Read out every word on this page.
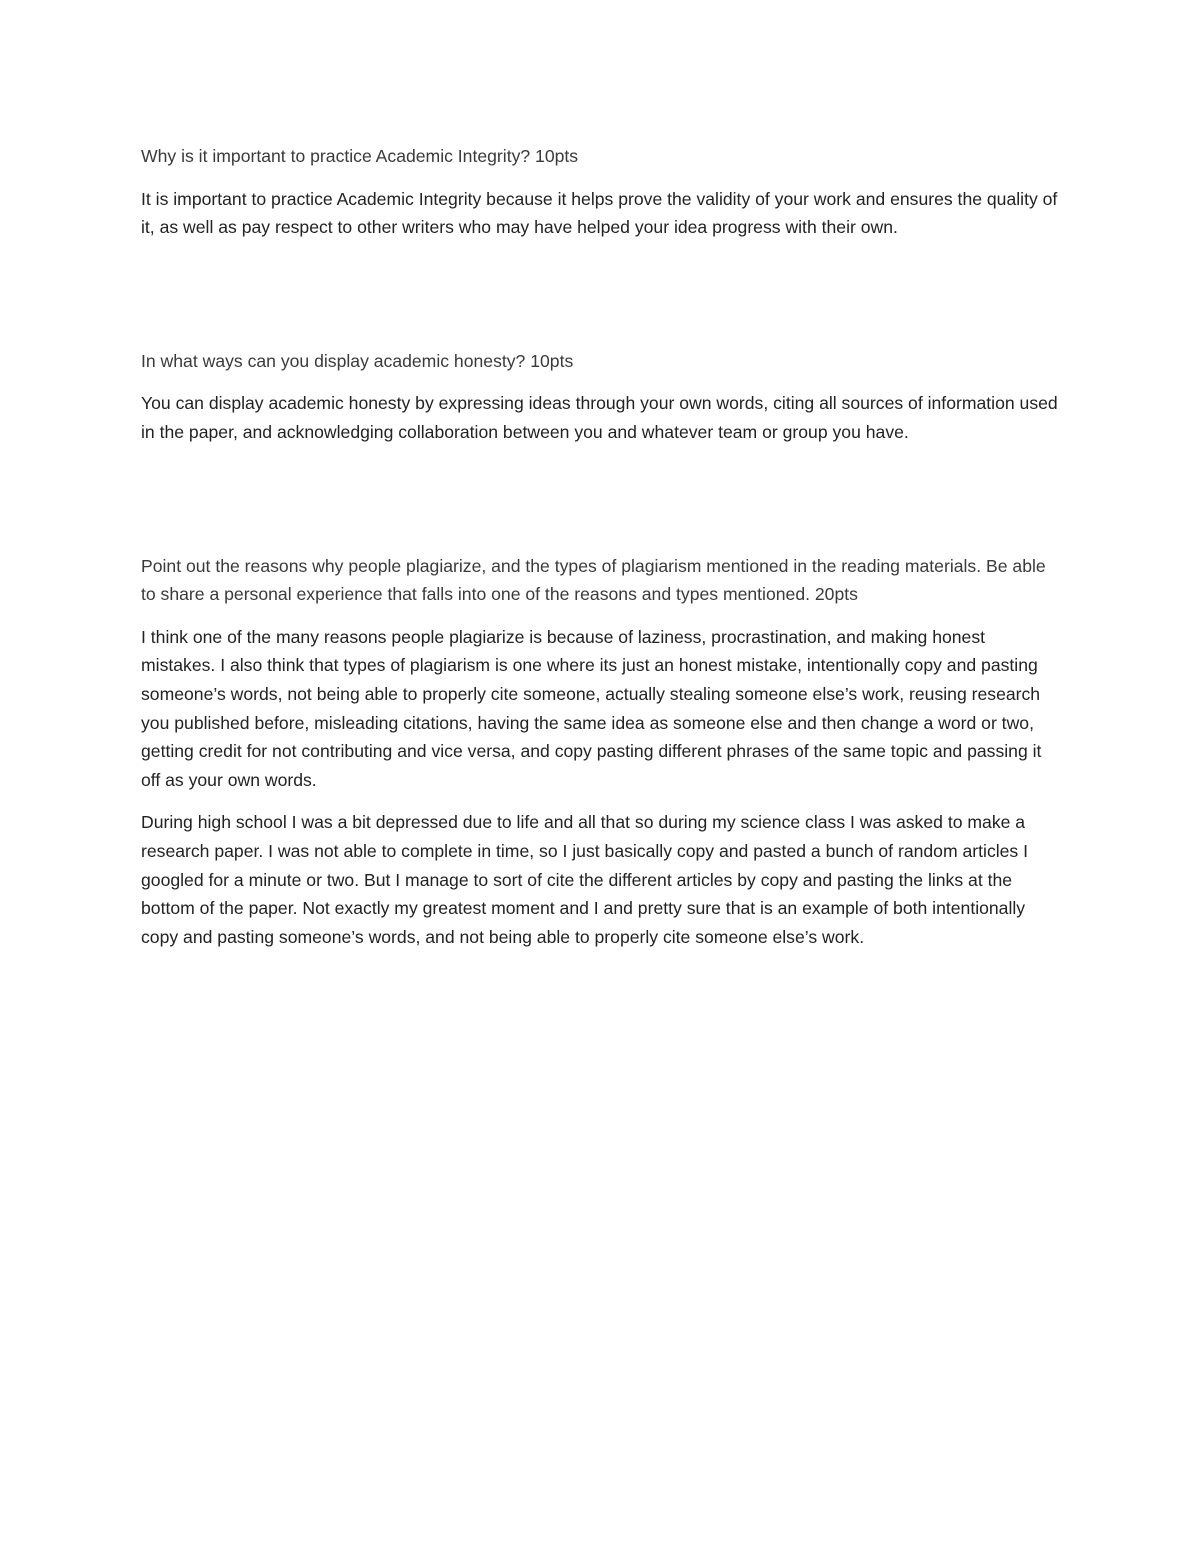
Why is it important to practice Academic Integrity? 10pts

It is important to practice Academic Integrity because it helps prove the validity of your work and ensures the quality of it, as well as pay respect to other writers who may have helped your idea progress with their own.

In what ways can you display academic honesty? 10pts

You can display academic honesty by expressing ideas through your own words, citing all sources of information used in the paper, and acknowledging collaboration between you and whatever team or group you have.

Point out the reasons why people plagiarize, and the types of plagiarism mentioned in the reading materials. Be able to share a personal experience that falls into one of the reasons and types mentioned. 20pts

I think one of the many reasons people plagiarize is because of laziness, procrastination, and making honest mistakes. I also think that types of plagiarism is one where its just an honest mistake, intentionally copy and pasting someone’s words, not being able to properly cite someone, actually stealing someone else’s work, reusing research you published before, misleading citations, having the same idea as someone else and then change a word or two, getting credit for not contributing and vice versa, and copy pasting different phrases of the same topic and passing it off as your own words.

During high school I was a bit depressed due to life and all that so during my science class I was asked to make a research paper. I was not able to complete in time, so I just basically copy and pasted a bunch of random articles I googled for a minute or two. But I manage to sort of cite the different articles by copy and pasting the links at the bottom of the paper. Not exactly my greatest moment and I and pretty sure that is an example of both intentionally copy and pasting someone’s words, and not being able to properly cite someone else’s work.
